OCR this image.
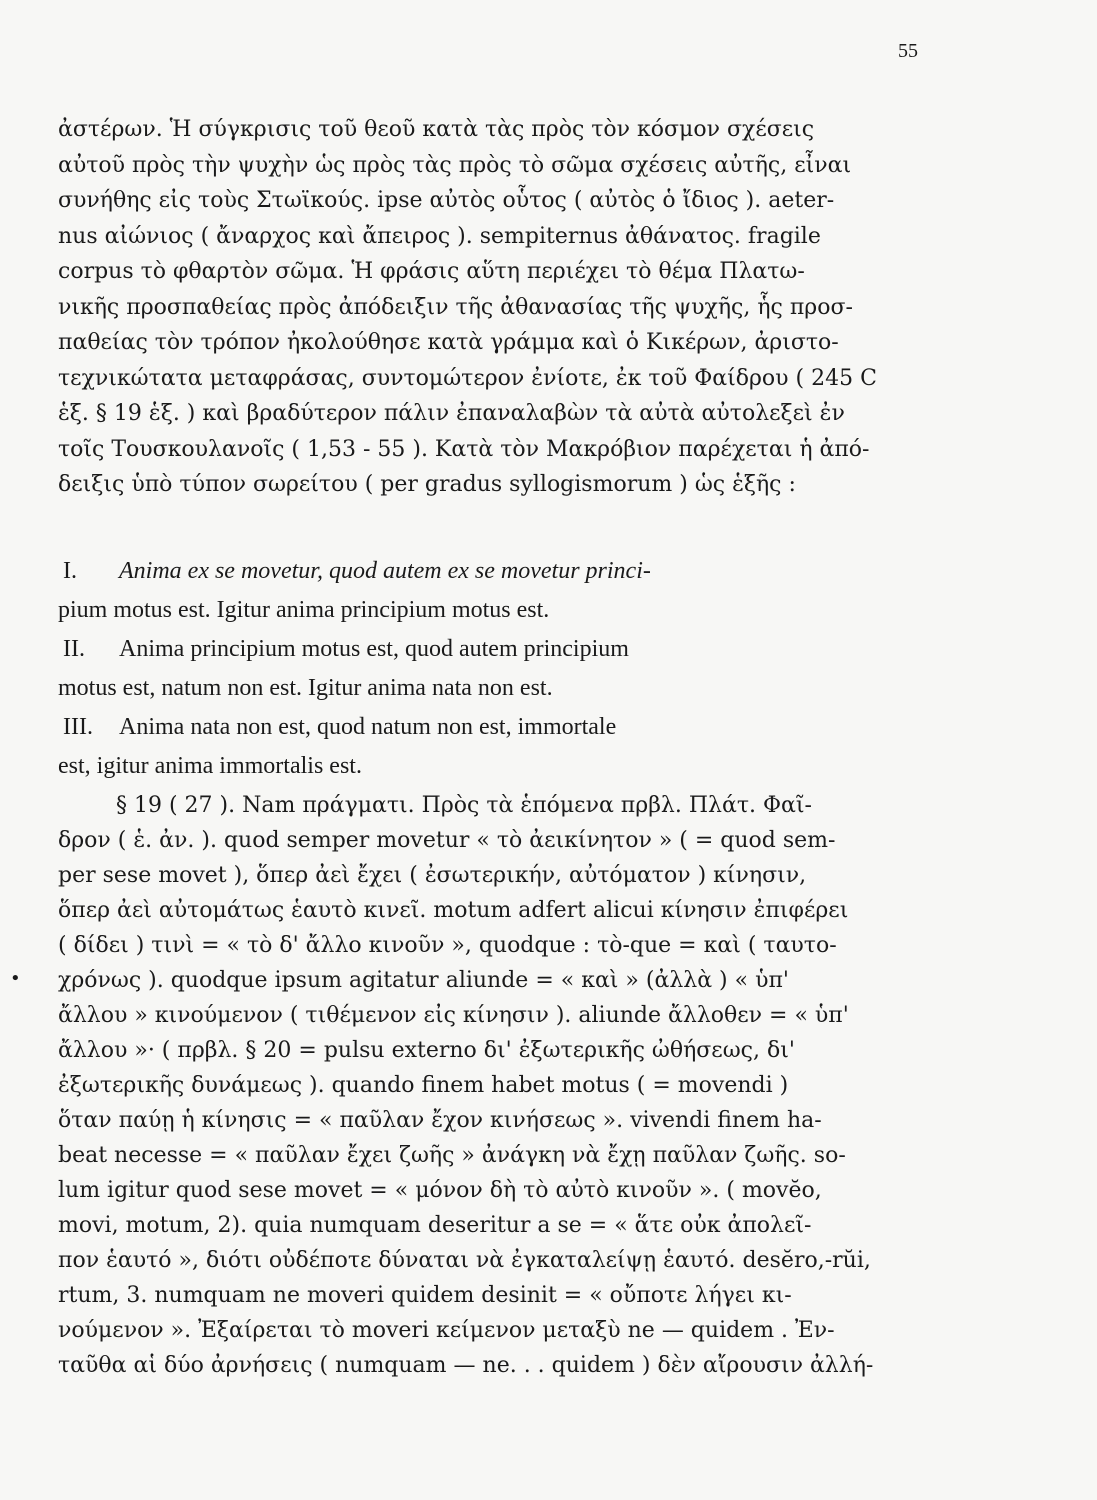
55
•
ἀστέρων. Ἡ σύγκρισις τοῦ θεοῦ κατὰ τὰς πρὸς τὸν κόσμον σχέσεις
αὐτοῦ πρὸς τὴν ψυχὴν ὡς πρὸς τὰς πρὸς τὸ σῶμα σχέσεις αὐτῆς, εἶναι
συνήθης εἰς τοὺς Στωϊκούς. ipse αὐτὸς οὗτος ( αὐτὸς ὁ ἴδιος ). aeter-
nus αἰώνιος ( ἄναρχος καὶ ἄπειρος ). sempiternus ἀθάνατος. fragile
corpus τὸ φθαρτὸν σῶμα. Ἡ φράσις αὕτη περιέχει τὸ θέμα Πλατω-
νικῆς προσπαθείας πρὸς ἀπόδειξιν τῆς ἀθανασίας τῆς ψυχῆς, ἧς προσ-
παθείας τὸν τρόπον ἠκολούθησε κατὰ γράμμα καὶ ὁ Κικέρων, ἀριστο-
τεχνικώτατα μεταφράσας, συντομώτερον ἐνίοτε, ἐκ τοῦ Φαίδρου ( 245 C
ἑξ. § 19 ἑξ. ) καὶ βραδύτερον πάλιν ἐπαναλαβὼν τὰ αὐτὰ αὐτολεξεὶ ἐν
τοῖς Τουσκουλανοῖς ( 1,53 - 55 ). Κατὰ τὸν Μακρόβιον παρέχεται ἡ ἀπό-
δειξις ὑπὸ τύπον σωρείτου ( per gradus syllogismorum ) ὡς ἑξῆς :
I. Anima ex se movetur, quod autem ex se movetur princi-
pium motus est. Igitur anima principium motus est.
II. Anima principium motus est, quod autem principium
motus est, natum non est. Igitur anima nata non est.
III. Anima nata non est, quod natum non est, immortale
est, igitur anima immortalis est.
§ 19 ( 27 ). Nam πράγματι. Πρὸς τὰ ἑπόμενα πρβλ. Πλάτ. Φαῖ-
δρον ( ἑ. ἀν. ). quod semper movetur « τὸ ἀεικίνητον » ( = quod sem-
per sese movet ), ὅπερ ἀεὶ ἔχει ( ἐσωτερικήν, αὐτόματον ) κίνησιν,
ὅπερ ἀεὶ αὐτομάτως ἑαυτὸ κινεῖ. motum adfert alicui κίνησιν ἐπιφέρει
( δίδει ) τινὶ = « τὸ δ' ἄλλο κινοῦν », quodque : τὸ-que = καὶ ( ταυτο-
χρόνως ). quodque ipsum agitatur aliunde = « καὶ » (ἀλλὰ ) « ὑπ'
ἄλλου » κινούμενον ( τιθέμενον εἰς κίνησιν ). aliunde ἄλλοθεν = « ὑπ'
ἄλλου »· ( πρβλ. § 20 = pulsu externo δι' ἐξωτερικῆς ὠθήσεως, δι'
ἐξωτερικῆς δυνάμεως ). quando finem habet motus ( = movendi )
ὅταν παύῃ ἡ κίνησις = « παῦλαν ἔχον κινήσεως ». vivendi finem ha-
beat necesse = « παῦλαν ἔχει ζωῆς » ἀνάγκη νὰ ἔχῃ παῦλαν ζωῆς. so-
lum igitur quod sese movet = « μόνον δὴ τὸ αὐτὸ κινοῦν ». ( movĕo,
movi, motum, 2). quia numquam deseritur a se = « ἅτε οὐκ ἀπολεῖ-
πον ἑαυτό », διότι οὐδέποτε δύναται νὰ ἐγκαταλείψῃ ἑαυτό. desĕro,-rŭi,
rtum, 3. numquam ne moveri quidem desinit = « οὔποτε λήγει κι-
νούμενον ». Ἐξαίρεται τὸ moveri κείμενον μεταξὺ ne — quidem . Ἐν-
ταῦθα αἱ δύο ἀρνήσεις ( numquam — ne. . . quidem ) δὲν αἴρουσιν ἀλλή-
